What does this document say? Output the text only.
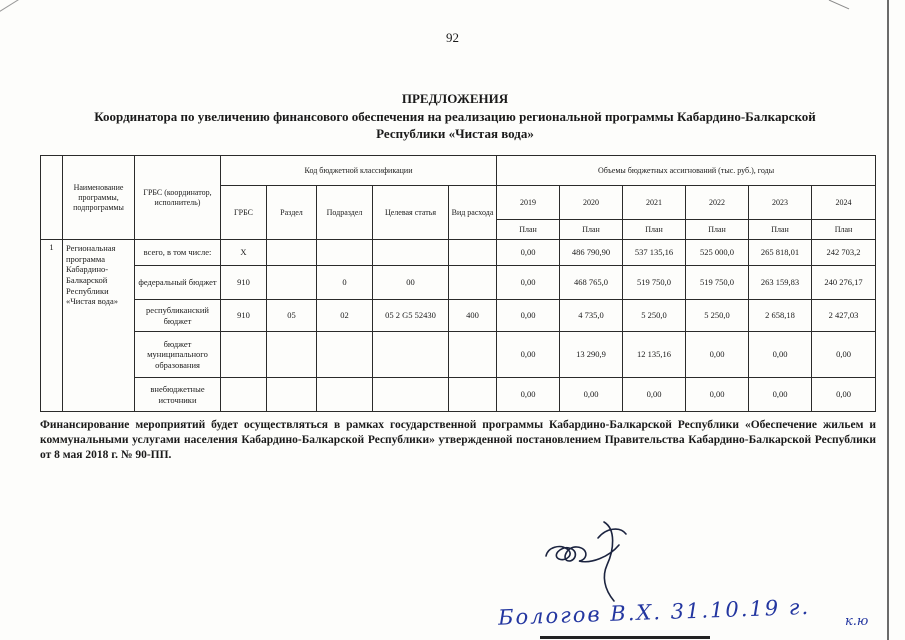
92
ПРЕДЛОЖЕНИЯ
Координатора по увеличению финансового обеспечения на реализацию региональной программы Кабардино-Балкарской Республики «Чистая вода»
	Наименование программы, подпрограммы	ГРБС (координатор, исполнитель)	Код бюджетной классификации					Объемы бюджетных ассигнований (тыс. руб.), годы					
			ГРБС	Раздел	Подраздел	Целевая статья	Вид расхода	2019	2020	2021	2022	2023	2024
								План	План	План	План	План	План
1	Региональная программа Кабардино-Балкарской Республики «Чистая вода»	всего, в том числе:	X					0,00	486 790,90	537 135,16	525 000,0	265 818,01	242 703,2
		федеральный бюджет	910		0	00		0,00	468 765,0	519 750,0	519 750,0	263 159,83	240 276,17
		республиканский бюджет	910	05	02	05 2 G5 52430	400	0,00	4 735,0	5 250,0	5 250,0	2 658,18	2 427,03
		бюджет муниципального образования						0,00	13 290,9	12 135,16	0,00	0,00	0,00
		внебюджетные источники						0,00	0,00	0,00	0,00	0,00	0,00
Финансирование мероприятий будет осуществляться в рамках государственной программы Кабардино-Балкарской Республики «Обеспечение жильем и коммунальными услугами населения Кабардино-Балкарской Республики» утвержденной постановлением Правительства Кабардино-Балкарской Республики от 8 мая 2018 г. № 90-ПП.
Бологов В.Х. 31.10.19 г.	к.ю
